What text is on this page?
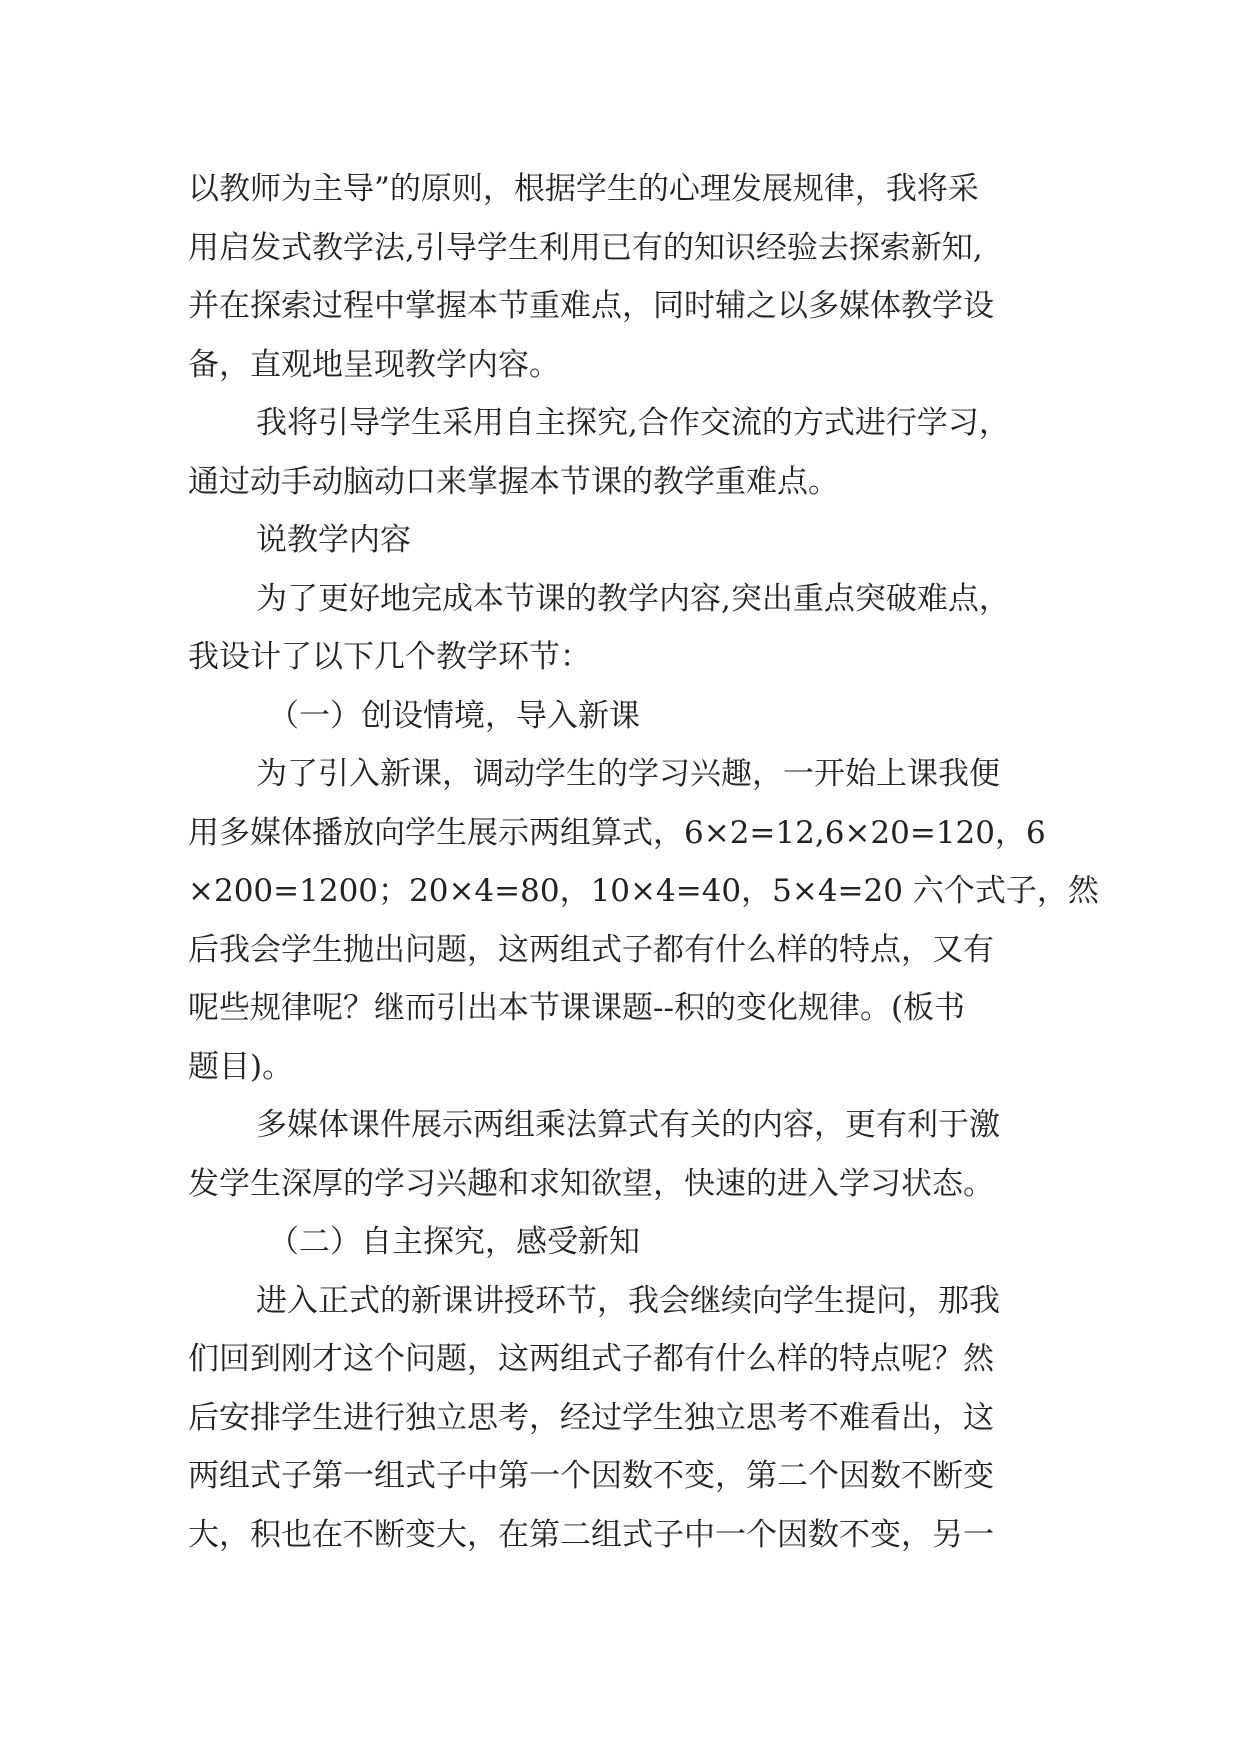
以教师为主导”的原则，根据学生的心理发展规律，我将采
用启发式教学法,引导学生利用已有的知识经验去探索新知,
并在探索过程中掌握本节重难点，同时辅之以多媒体教学设
备，直观地呈现教学内容。
我将引导学生采用自主探究,合作交流的方式进行学习，
通过动手动脑动口来掌握本节课的教学重难点。
说教学内容
为了更好地完成本节课的教学内容,突出重点突破难点，
我设计了以下几个教学环节：
（一）创设情境，导入新课
为了引入新课，调动学生的学习兴趣，一开始上课我便
用多媒体播放向学生展示两组算式，6×2=12,6×20=120，6
×200=1200；20×4=80，10×4=40，5×4=20 六个式子，然
后我会学生抛出问题，这两组式子都有什么样的特点，又有
呢些规律呢？继而引出本节课课题--积的变化规律。(板书
题目)。
多媒体课件展示两组乘法算式有关的内容，更有利于激
发学生深厚的学习兴趣和求知欲望，快速的进入学习状态。
（二）自主探究，感受新知
进入正式的新课讲授环节，我会继续向学生提问，那我
们回到刚才这个问题，这两组式子都有什么样的特点呢？然
后安排学生进行独立思考，经过学生独立思考不难看出，这
两组式子第一组式子中第一个因数不变，第二个因数不断变
大，积也在不断变大，在第二组式子中一个因数不变，另一
